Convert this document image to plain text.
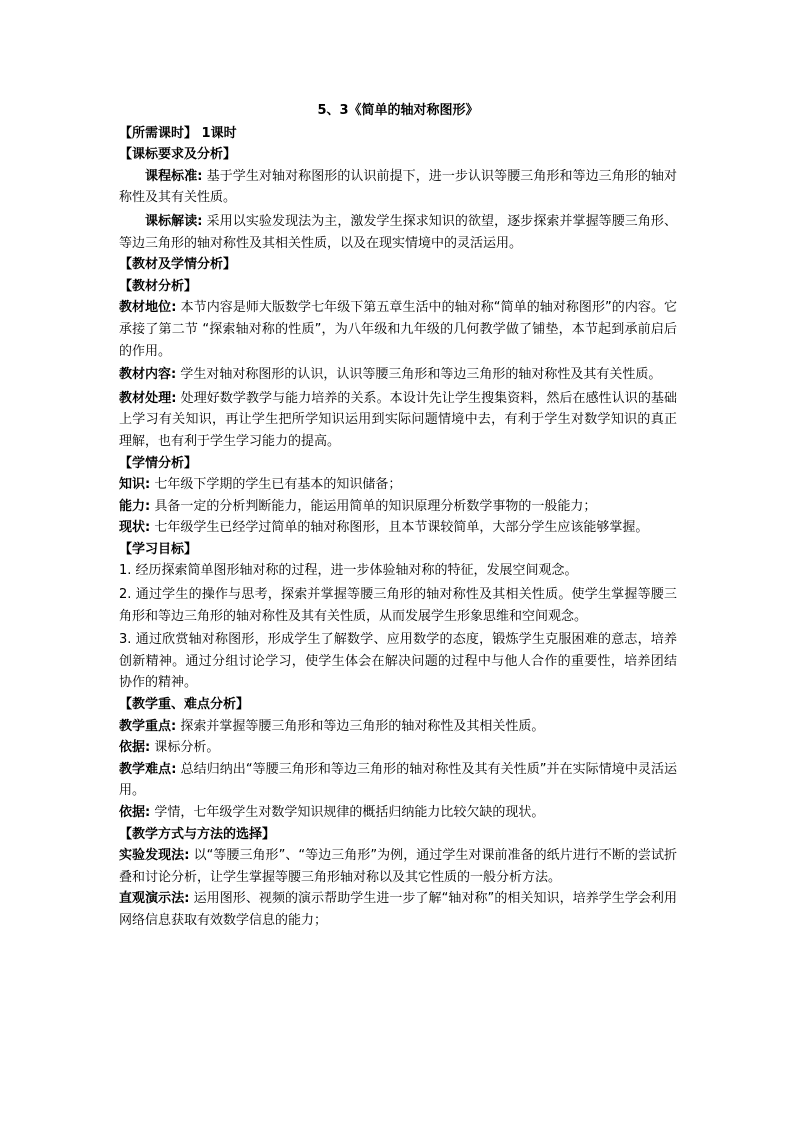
5、3《简单的轴对称图形》
【所需课时】 1课时
【课标要求及分析】
课程标准: 基于学生对轴对称图形的认识前提下，进一步认识等腰三角形和等边三角形的轴对称性及其有关性质。
课标解读: 采用以实验发现法为主，激发学生探求知识的欲望，逐步探索并掌握等腰三角形、等边三角形的轴对称性及其相关性质，以及在现实情境中的灵活运用。
【教材及学情分析】
【教材分析】
教材地位: 本节内容是师大版数学七年级下第五章生活中的轴对称“简单的轴对称图形”的内容。它承接了第二节 “探索轴对称的性质”，为八年级和九年级的几何教学做了铺垫，本节起到承前启后的作用。
教材内容: 学生对轴对称图形的认识，认识等腰三角形和等边三角形的轴对称性及其有关性质。
教材处理: 处理好数学教学与能力培养的关系。本设计先让学生搜集资料，然后在感性认识的基础上学习有关知识，再让学生把所学知识运用到实际问题情境中去，有利于学生对数学知识的真正理解，也有利于学生学习能力的提高。
【学情分析】
知识: 七年级下学期的学生已有基本的知识储备；
能力: 具备一定的分析判断能力，能运用简单的知识原理分析数学事物的一般能力；
现状: 七年级学生已经学过简单的轴对称图形，且本节课较简单，大部分学生应该能够掌握。
【学习目标】
1. 经历探索简单图形轴对称的过程，进一步体验轴对称的特征，发展空间观念。
2. 通过学生的操作与思考，探索并掌握等腰三角形的轴对称性及其相关性质。使学生掌握等腰三角形和等边三角形的轴对称性及其有关性质，从而发展学生形象思维和空间观念。
3. 通过欣赏轴对称图形，形成学生了解数学、应用数学的态度，锻炼学生克服困难的意志，培养创新精神。通过分组讨论学习，使学生体会在解决问题的过程中与他人合作的重要性，培养团结协作的精神。
【教学重、难点分析】
教学重点: 探索并掌握等腰三角形和等边三角形的轴对称性及其相关性质。
依据: 课标分析。
教学难点: 总结归纳出“等腰三角形和等边三角形的轴对称性及其有关性质”并在实际情境中灵活运用。
依据: 学情，七年级学生对数学知识规律的概括归纳能力比较欠缺的现状。
【教学方式与方法的选择】
实验发现法: 以“等腰三角形”、“等边三角形”为例，通过学生对课前准备的纸片进行不断的尝试折叠和讨论分析，让学生掌握等腰三角形轴对称以及其它性质的一般分析方法。
直观演示法: 运用图形、视频的演示帮助学生进一步了解“轴对称”的相关知识，培养学生学会利用网络信息获取有效数学信息的能力；
